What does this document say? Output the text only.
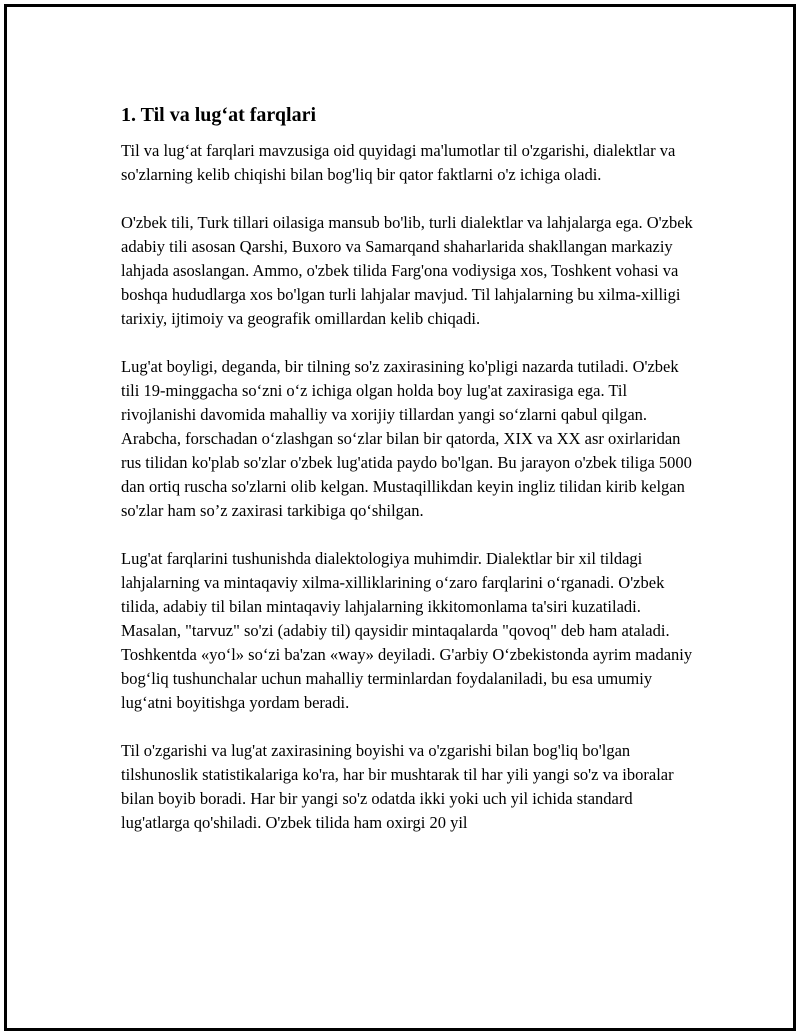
1. Til va lug‘at farqlari

Til va lug‘at farqlari mavzusiga oid quyidagi ma'lumotlar til o'zgarishi, dialektlar va so'zlarning kelib chiqishi bilan bog'liq bir qator faktlarni o'z ichiga oladi.

O'zbek tili, Turk tillari oilasiga mansub bo'lib, turli dialektlar va lahjalarga ega. O'zbek adabiy tili asosan Qarshi, Buxoro va Samarqand shaharlarida shakllangan markaziy lahjada asoslangan. Ammo, o'zbek tilida Farg'ona vodiysiga xos, Toshkent vohasi va boshqa hududlarga xos bo'lgan turli lahjalar mavjud. Til lahjalarning bu xilma-xilligi tarixiy, ijtimoiy va geografik omillardan kelib chiqadi.

Lug'at boyligi, deganda, bir tilning so'z zaxirasining ko'pligi nazarda tutiladi. O'zbek tili 19-minggacha so‘zni o‘z ichiga olgan holda boy lug'at zaxirasiga ega. Til rivojlanishi davomida mahalliy va xorijiy tillardan yangi so‘zlarni qabul qilgan. Arabcha, forschadan o‘zlashgan so‘zlar bilan bir qatorda, XIX va XX asr oxirlaridan rus tilidan ko'plab so'zlar o'zbek lug'atida paydo bo'lgan. Bu jarayon o'zbek tiliga 5000 dan ortiq ruscha so'zlarni olib kelgan. Mustaqillikdan keyin ingliz tilidan kirib kelgan so'zlar ham so’z zaxirasi tarkibiga qo‘shilgan.

Lug'at farqlarini tushunishda dialektologiya muhimdir. Dialektlar bir xil tildagi lahjalarning va mintaqaviy xilma-xilliklarining o‘zaro farqlarini o‘rganadi. O'zbek tilida, adabiy til bilan mintaqaviy lahjalarning ikkitomonlama ta'siri kuzatiladi. Masalan, "tarvuz" so'zi (adabiy til) qaysidir mintaqalarda "qovoq" deb ham ataladi. Toshkentda «yo‘l» so‘zi ba'zan «way» deyiladi. G'arbiy O‘zbekistonda ayrim madaniy bog‘liq tushunchalar uchun mahalliy terminlardan foydalaniladi, bu esa umumiy lug‘atni boyitishga yordam beradi.

Til o'zgarishi va lug'at zaxirasining boyishi va o'zgarishi bilan bog'liq bo'lgan tilshunoslik statistikalariga ko'ra, har bir mushtarak til har yili yangi so'z va iboralar bilan boyib boradi. Har bir yangi so'z odatda ikki yoki uch yil ichida standard lug'atlarga qo'shiladi. O'zbek tilida ham oxirgi 20 yil
